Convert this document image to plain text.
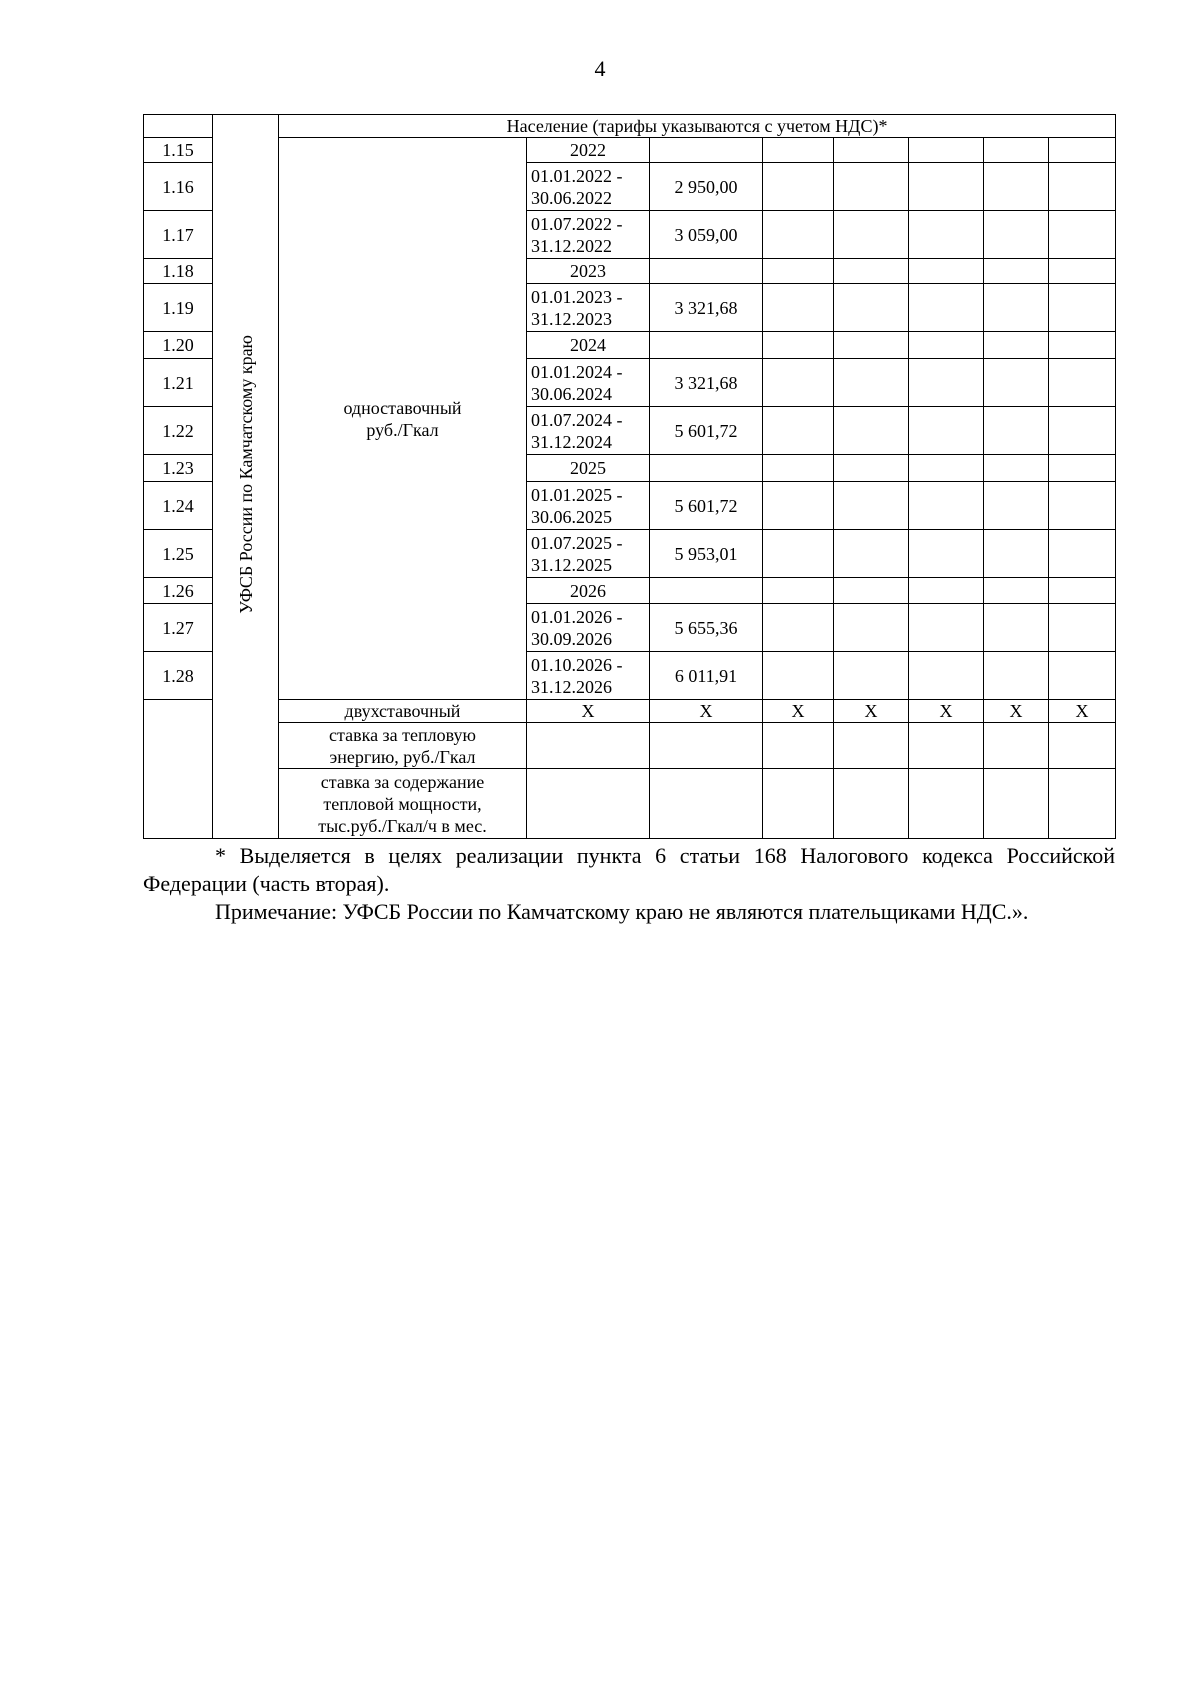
4
	УФСБ России по Камчатскому краю	Население (тарифы указываются с учетом НДС)*							
1.15		одноставочный
руб./Гкал	2022						
1.16			01.01.2022 -
30.06.2022	2 950,00					
1.17			01.07.2022 -
31.12.2022	3 059,00					
1.18			2023						
1.19			01.01.2023 -
31.12.2023	3 321,68					
1.20			2024						
1.21			01.01.2024 -
30.06.2024	3 321,68					
1.22			01.07.2024 -
31.12.2024	5 601,72					
1.23			2025						
1.24			01.01.2025 -
30.06.2025	5 601,72					
1.25			01.07.2025 -
31.12.2025	5 953,01					
1.26			2026						
1.27			01.01.2026 -
30.09.2026	5 655,36					
1.28			01.10.2026 -
31.12.2026	6 011,91					
		двухставочный	Х	Х	Х	Х	Х	Х	Х
		ставка за тепловую
энергию, руб./Гкал							
		ставка за содержание
тепловой мощности,
тыс.руб./Гкал/ч в мес.							

* Выделяется в целях реализации пункта 6 статьи 168 Налогового кодекса Российской Федерации (часть вторая).

Примечание: УФСБ России по Камчатскому краю не являются плательщиками НДС.».
